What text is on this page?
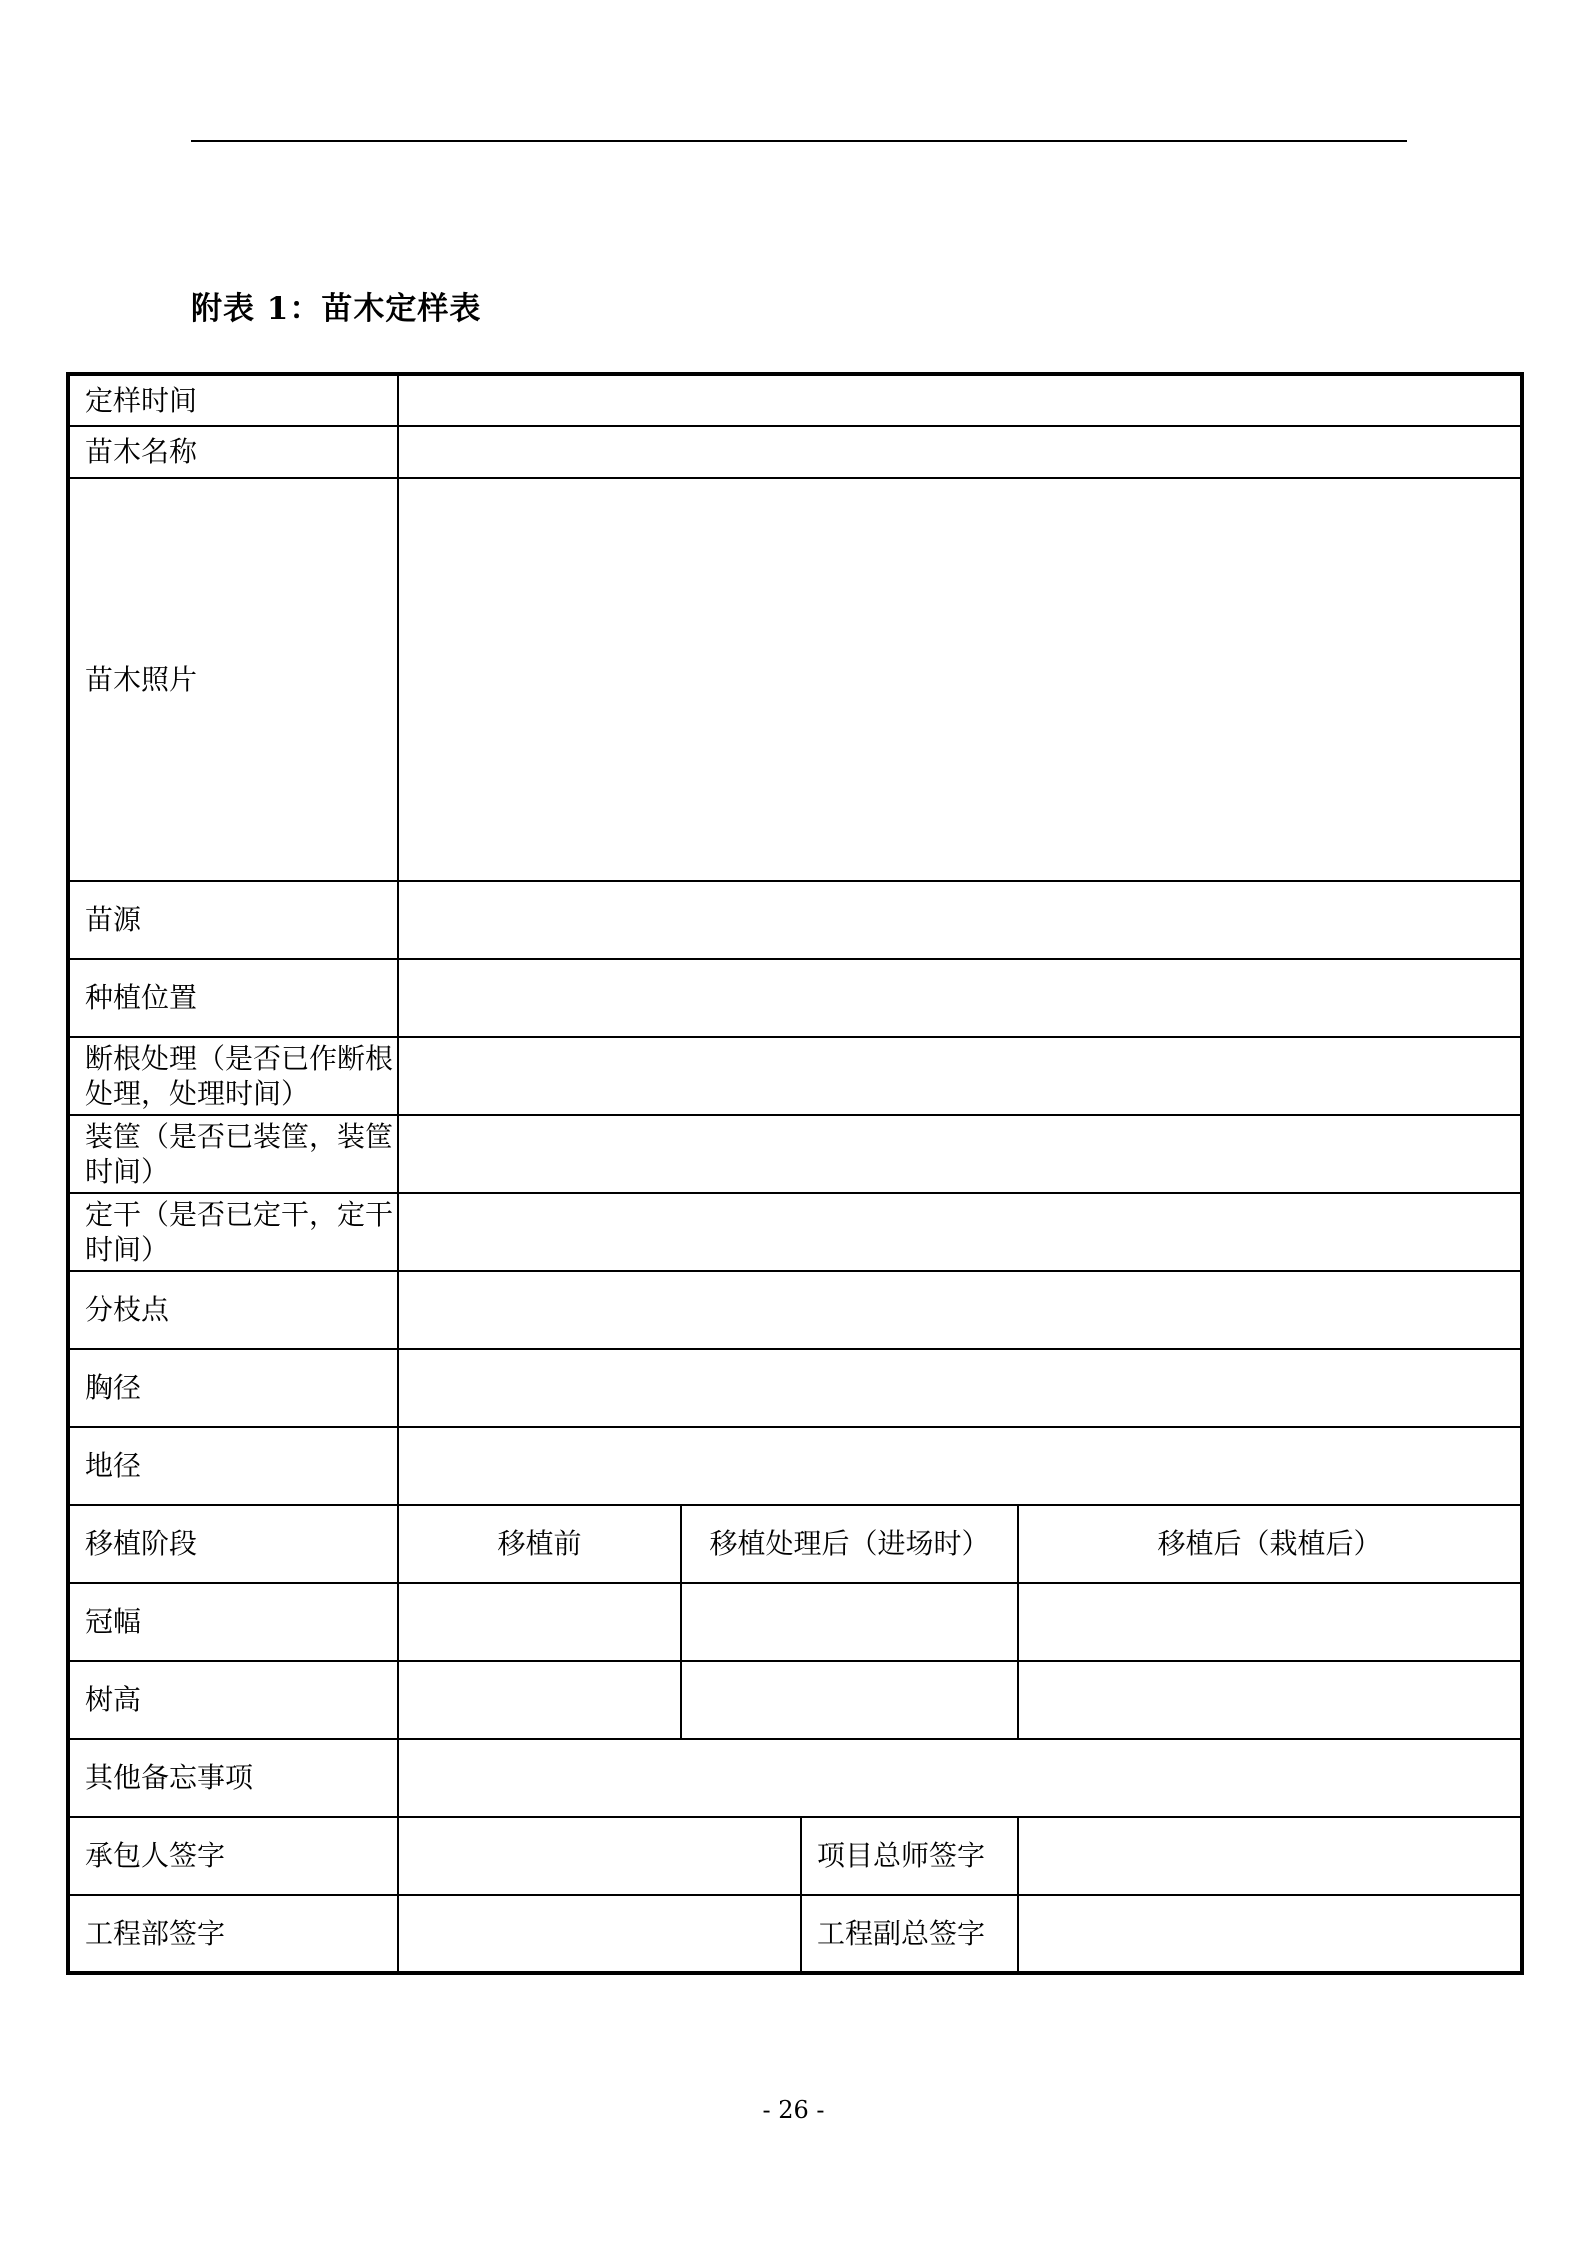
附表 1：苗木定样表
定样时间				
苗木名称				
苗木照片				
苗源				
种植位置				
断根处理（是否已作断根处理，处理时间）				
装筐（是否已装筐，装筐时间）				
定干（是否已定干，定干时间）				
分枝点				
胸径				
地径				
移植阶段	移植前	移植处理后（进场时）		移植后（栽植后）
冠幅				
树高				
其他备忘事项				
承包人签字			项目总师签字	
工程部签字			工程副总签字	
- 26 -
